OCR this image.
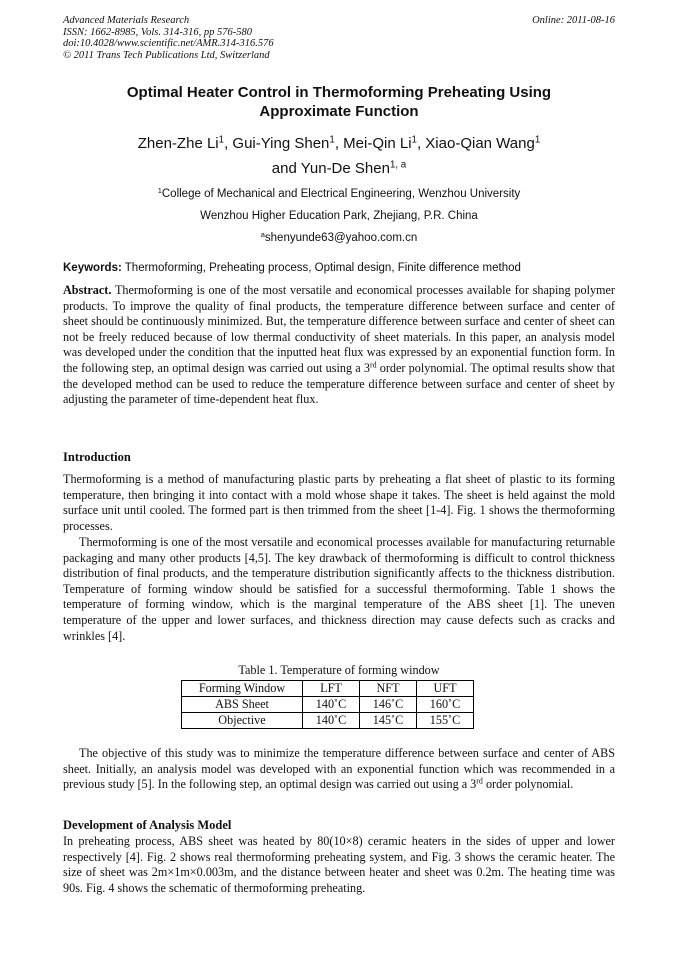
Advanced Materials Research
ISSN: 1662-8985, Vols. 314-316, pp 576-580
doi:10.4028/www.scientific.net/AMR.314-316.576
© 2011 Trans Tech Publications Ltd, Switzerland
Online: 2011-08-16
Optimal Heater Control in Thermoforming Preheating Using
Approximate Function
Zhen-Zhe Li$^1$, Gui-Ying Shen$^1$, Mei-Qin Li$^1$, Xiao-Qian Wang$^1$
and Yun-De Shen$^{1, a}$
$^1$College of Mechanical and Electrical Engineering, Wenzhou University
Wenzhou Higher Education Park, Zhejiang, P.R. China
$^a$shenyunde63@yahoo.com.cn
Keywords: Thermoforming, Preheating process, Optimal design, Finite difference method
Abstract. Thermoforming is one of the most versatile and economical processes available for shaping polymer products. To improve the quality of final products, the temperature difference between surface and center of sheet should be continuously minimized. But, the temperature difference between surface and center of sheet can not be freely reduced because of low thermal conductivity of sheet materials. In this paper, an analysis model was developed under the condition that the inputted heat flux was expressed by an exponential function form. In the following step, an optimal design was carried out using a 3rd order polynomial. The optimal results show that the developed method can be used to reduce the temperature difference between surface and center of sheet by adjusting the parameter of time-dependent heat flux.
Introduction
Thermoforming is a method of manufacturing plastic parts by preheating a flat sheet of plastic to its forming temperature, then bringing it into contact with a mold whose shape it takes. The sheet is held against the mold surface unit until cooled. The formed part is then trimmed from the sheet [1-4]. Fig. 1 shows the thermoforming processes.
Thermoforming is one of the most versatile and economical processes available for manufacturing returnable packaging and many other products [4,5]. The key drawback of thermoforming is difficult to control thickness distribution of final products, and the temperature distribution significantly affects to the thickness distribution. Temperature of forming window should be satisfied for a successful thermoforming. Table 1 shows the temperature of forming window, which is the marginal temperature of the ABS sheet [1]. The uneven temperature of the upper and lower surfaces, and thickness direction may cause defects such as cracks and wrinkles [4].
Table 1. Temperature of forming window
Forming Window	LFT	NFT	UFT
ABS Sheet	140˚C	146˚C	160˚C
Objective	140˚C	145˚C	155˚C
The objective of this study was to minimize the temperature difference between surface and center of ABS sheet. Initially, an analysis model was developed with an exponential function which was recommended in a previous study [5]. In the following step, an optimal design was carried out using a 3rd order polynomial.
Development of Analysis Model
In preheating process, ABS sheet was heated by 80(10×8) ceramic heaters in the sides of upper and lower respectively [4]. Fig. 2 shows real thermoforming preheating system, and Fig. 3 shows the ceramic heater. The size of sheet was 2m×1m×0.003m, and the distance between heater and sheet was 0.2m. The heating time was 90s. Fig. 4 shows the schematic of thermoforming preheating.
